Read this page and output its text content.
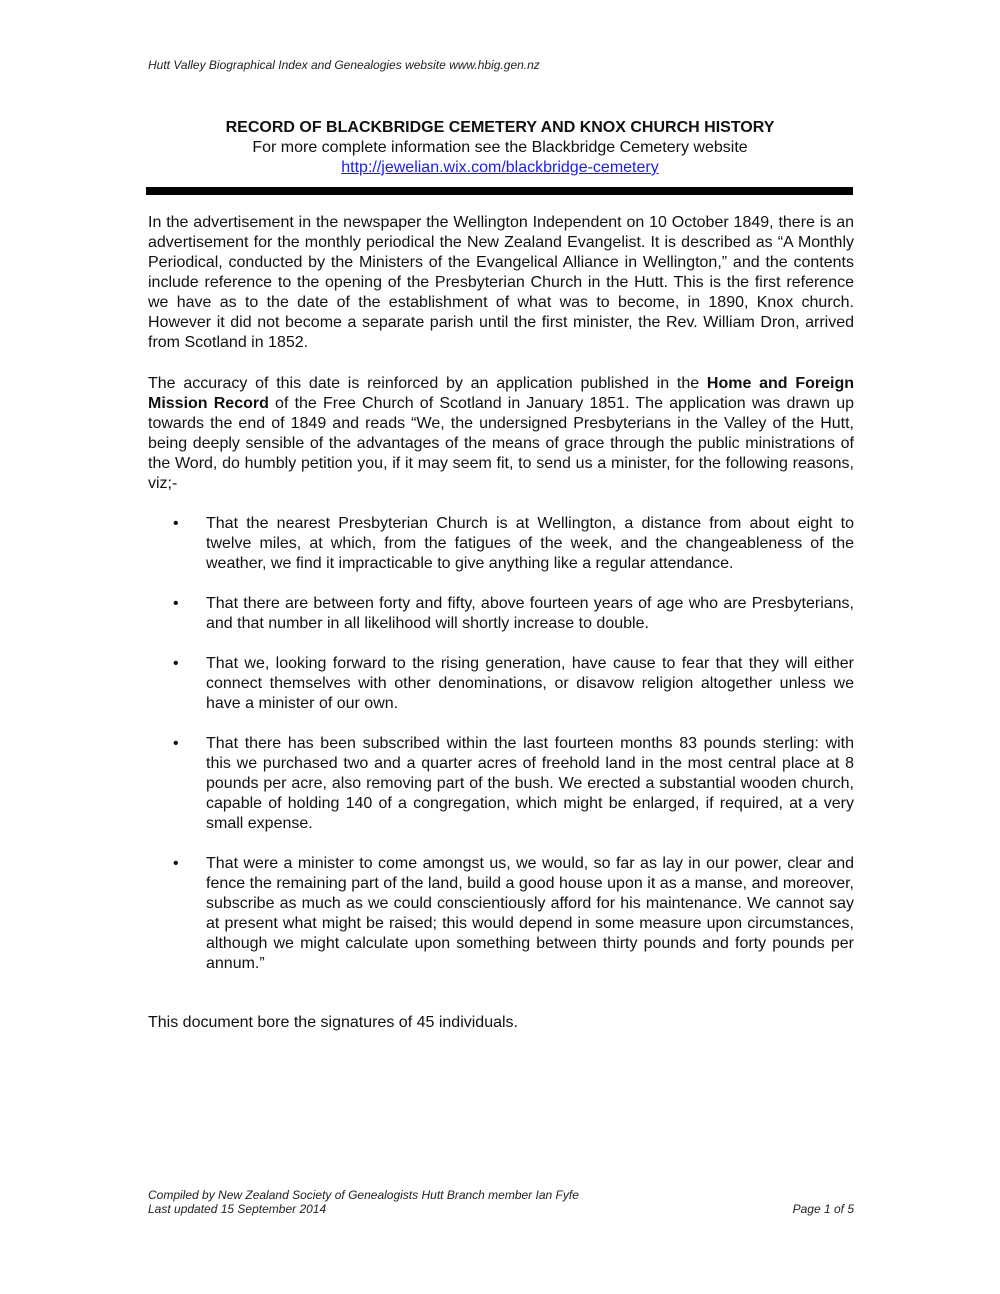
Hutt Valley Biographical Index and Genealogies website www.hbig.gen.nz

RECORD OF BLACKBRIDGE CEMETERY AND KNOX CHURCH HISTORY

For more complete information see the Blackbridge Cemetery website

http://jewelian.wix.com/blackbridge-cemetery

In the advertisement in the newspaper the Wellington Independent on 10 October 1849, there is an advertisement for the monthly periodical the New Zealand Evangelist. It is described as “A Monthly Periodical, conducted by the Ministers of the Evangelical Alliance in Wellington,” and the contents include reference to the opening of the Presbyterian Church in the Hutt. This is the first reference we have as to the date of the establishment of what was to become, in 1890, Knox church. However it did not become a separate parish until the first minister, the Rev. William Dron, arrived from Scotland in 1852.

The accuracy of this date is reinforced by an application published in the Home and Foreign Mission Record of the Free Church of Scotland in January 1851. The application was drawn up towards the end of 1849 and reads “We, the undersigned Presbyterians in the Valley of the Hutt, being deeply sensible of the advantages of the means of grace through the public ministrations of the Word, do humbly petition you, if it may seem fit, to send us a minister, for the following reasons, viz;-

• That the nearest Presbyterian Church is at Wellington, a distance from about eight to twelve miles, at which, from the fatigues of the week, and the changeableness of the weather, we find it impracticable to give anything like a regular attendance.
• That there are between forty and fifty, above fourteen years of age who are Presbyterians, and that number in all likelihood will shortly increase to double.
• That we, looking forward to the rising generation, have cause to fear that they will either connect themselves with other denominations, or disavow religion altogether unless we have a minister of our own.
• That there has been subscribed within the last fourteen months 83 pounds sterling: with this we purchased two and a quarter acres of freehold land in the most central place at 8 pounds per acre, also removing part of the bush. We erected a substantial wooden church, capable of holding 140 of a congregation, which might be enlarged, if required, at a very small expense.
• That were a minister to come amongst us, we would, so far as lay in our power, clear and fence the remaining part of the land, build a good house upon it as a manse, and moreover, subscribe as much as we could conscientiously afford for his maintenance. We cannot say at present what might be raised; this would depend in some measure upon circumstances, although we might calculate upon something between thirty pounds and forty pounds per annum.”

This document bore the signatures of 45 individuals.

Compiled by New Zealand Society of Genealogists Hutt Branch member Ian Fyfe
Last updated 15 September 2014	Page 1 of 5
